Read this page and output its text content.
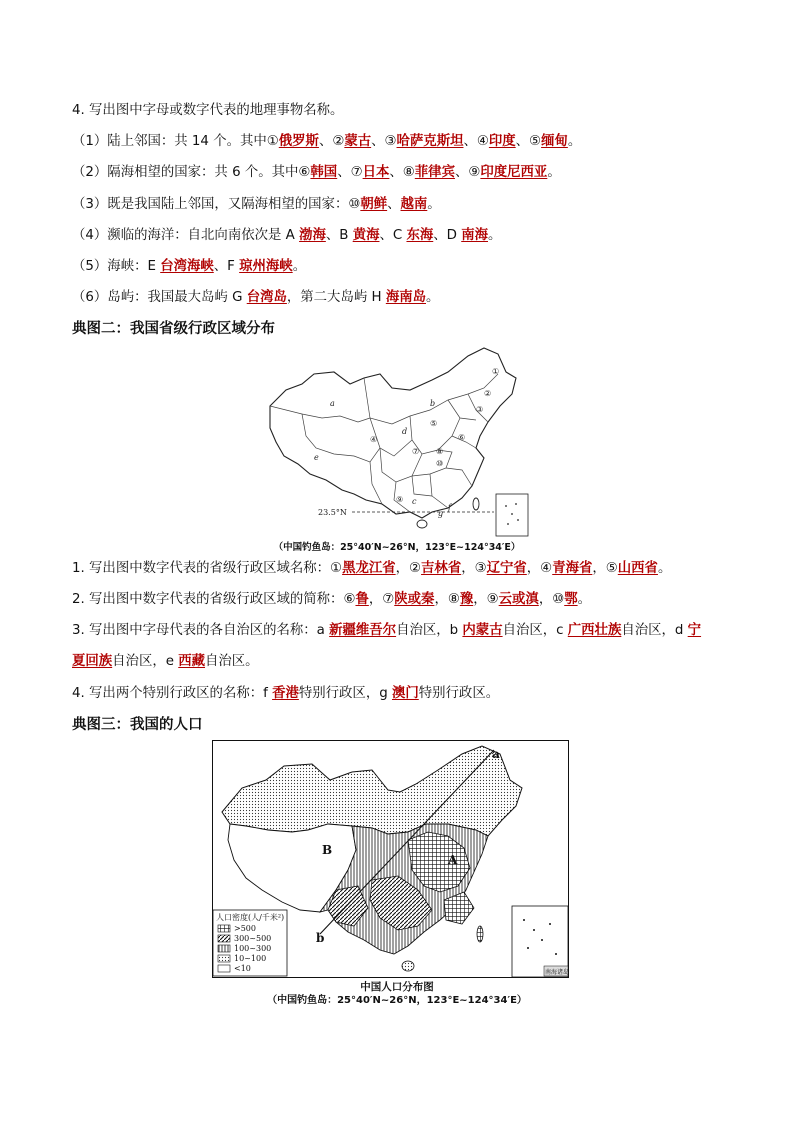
4. 写出图中字母或数字代表的地理事物名称。
（1）陆上邻国：共 14 个。其中①俄罗斯、②蒙古、③哈萨克斯坦、④印度、⑤缅甸。
（2）隔海相望的国家：共 6 个。其中⑥韩国、⑦日本、⑧菲律宾、⑨印度尼西亚。
（3）既是我国陆上邻国，又隔海相望的国家：⑩朝鲜、越南。
（4）濒临的海洋：自北向南依次是 A 渤海、B 黄海、C 东海、D 南海。
（5）海峡：E 台湾海峡、F 琼州海峡。
（6）岛屿：我国最大岛屿 G 台湾岛，第二大岛屿 H 海南岛。
典图二：我国省级行政区域分布
①
②
③
④
⑤
⑥
⑦ ⑧
⑨
⑩
a	b
c
d
e
f
g
23.5°N
（中国钓鱼岛：25°40′N~26°N，123°E~124°34′E）
1. 写出图中数字代表的省级行政区域名称：①黑龙江省，②吉林省，③辽宁省，④青海省，⑤山西省。
2. 写出图中数字代表的省级行政区域的简称：⑥鲁，⑦陕或秦，⑧豫，⑨云或滇，⑩鄂。
3. 写出图中字母代表的各自治区的名称：a 新疆维吾尔自治区，b 内蒙古自治区，c 广西壮族自治区，d 宁
夏回族自治区，e 西藏自治区。
4. 写出两个特别行政区的名称：f 香港特别行政区，g 澳门特别行政区。
典图三：我国的人口
a
b
A
B
人口密度(人/千米²)
>500
300~500
100~300
10~100
<10	南海诸岛
中国人口分布图
（中国钓鱼岛：25°40′N~26°N，123°E~124°34′E）
